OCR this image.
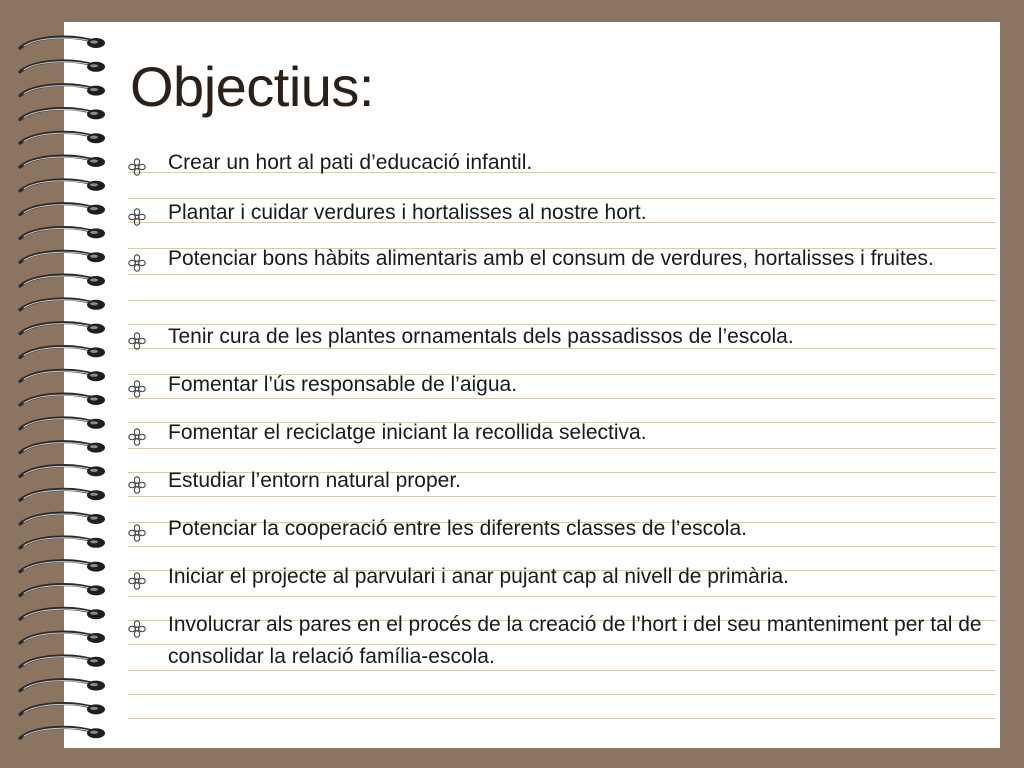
Objectius:
Crear un hort al pati d’educació infantil.
Plantar i cuidar verdures i hortalisses al nostre hort.
Potenciar bons hàbits alimentaris amb el consum de verdures, hortalisses i fruites.
Tenir cura de les plantes ornamentals dels passadissos de l’escola.
Fomentar l’ús responsable de l’aigua.
Fomentar el reciclatge iniciant la recollida selectiva.
Estudiar l’entorn natural proper.
Potenciar la cooperació entre les diferents classes de l’escola.
Iniciar el projecte al parvulari i anar pujant cap al nivell de primària.
Involucrar als pares en el procés de la creació de l’hort i del seu manteniment per tal de consolidar la relació família-escola.
